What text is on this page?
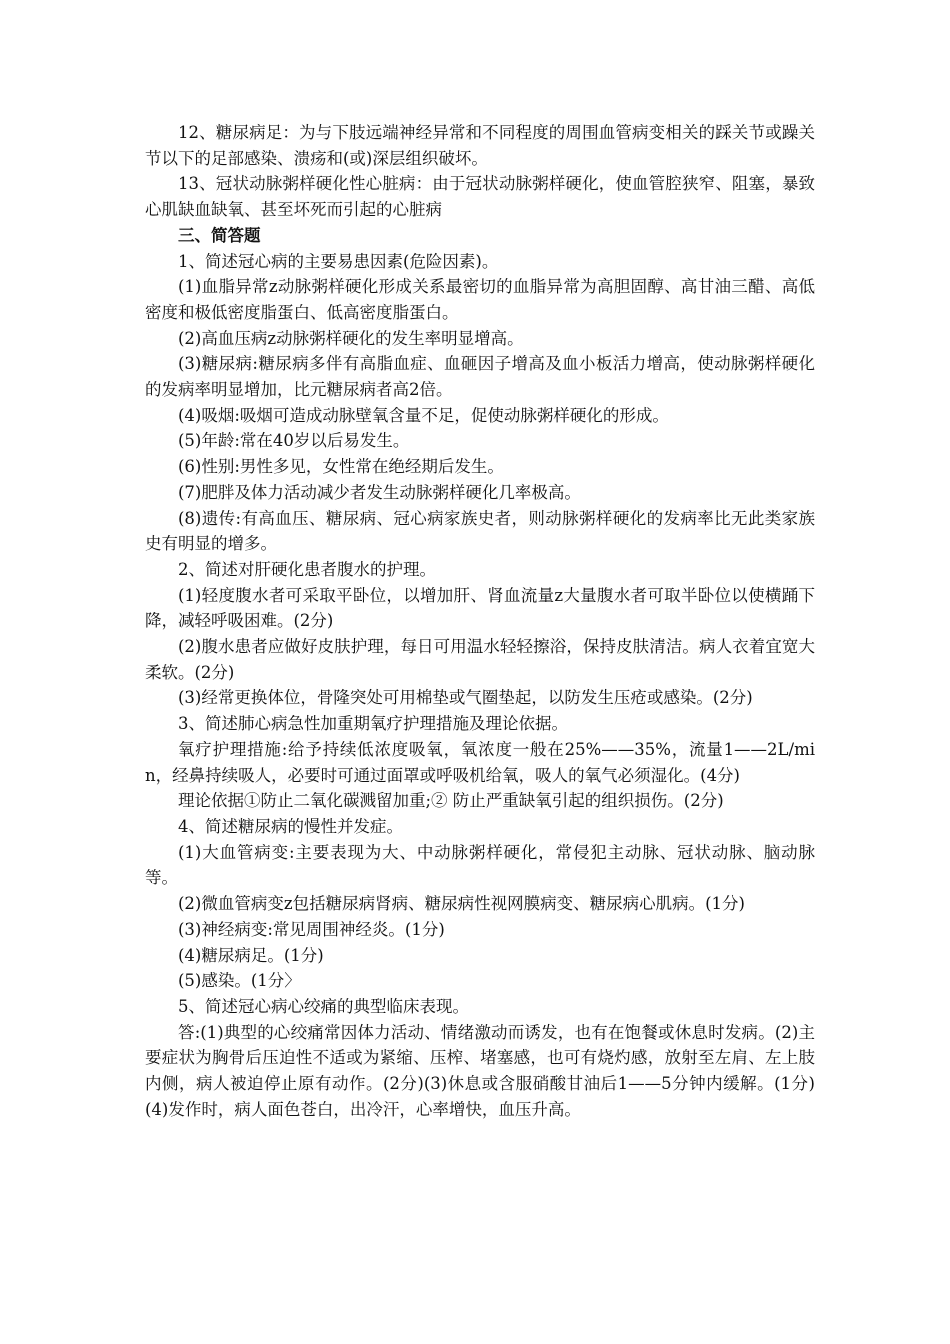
12、糖尿病足：为与下肢远端神经异常和不同程度的周围血管病变相关的踩关节或躁关节以下的足部感染、溃疡和(或)深层组织破坏。

13、冠状动脉粥样硬化性心脏病：由于冠状动脉粥样硬化，使血管腔狭窄、阻塞，暴致心肌缺血缺氧、甚至坏死而引起的心脏病

三、简答题

1、简述冠心病的主要易患因素(危险因素)。

(1)血脂异常z动脉粥样硬化形成关系最密切的血脂异常为高胆固醇、高甘油三醋、高低密度和极低密度脂蛋白、低高密度脂蛋白。

(2)高血压病z动脉粥样硬化的发生率明显增高。

(3)糖尿病:糖尿病多伴有高脂血症、血砸因子增高及血小板活力增高，使动脉粥样硬化的发病率明显增加，比元糖尿病者高2倍。

(4)吸烟:吸烟可造成动脉壁氧含量不足，促使动脉粥样硬化的形成。

(5)年龄:常在40岁以后易发生。

(6)性别:男性多见，女性常在绝经期后发生。

(7)肥胖及体力活动减少者发生动脉粥样硬化几率极高。

(8)遗传:有高血压、糖尿病、冠心病家族史者，则动脉粥样硬化的发病率比无此类家族史有明显的增多。

2、简述对肝硬化患者腹水的护理。

(1)轻度腹水者可采取平卧位，以增加肝、肾血流量z大量腹水者可取半卧位以使横踊下降，减轻呼吸困难。(2分)

(2)腹水患者应做好皮肤护理，每日可用温水轻轻擦浴，保持皮肤清洁。病人衣着宜宽大柔软。(2分)

(3)经常更换体位，骨隆突处可用棉垫或气圈垫起，以防发生压疮或感染。(2分)

3、简述肺心病急性加重期氧疗护理措施及理论依据。

氧疗护理措施:给予持续低浓度吸氧，氧浓度一般在25%——35%，流量1——2L/min，经鼻持续吸人，必要时可通过面罩或呼吸机给氧，吸人的氧气必须湿化。(4分)

理论依据①防止二氧化碳溅留加重;② 防止严重缺氧引起的组织损伤。(2分)

4、简述糖尿病的慢性并发症。

(1)大血管病变:主要表现为大、中动脉粥样硬化，常侵犯主动脉、冠状动脉、脑动脉等。

(2)微血管病变z包括糖尿病肾病、糖尿病性视网膜病变、糖尿病心肌病。(1分)

(3)神经病变:常见周围神经炎。(1分)

(4)糖尿病足。(1分)

(5)感染。(1分〉

5、简述冠心病心绞痛的典型临床表现。

答:(1)典型的心绞痛常因体力活动、情绪激动而诱发，也有在饱餐或休息时发病。(2)主要症状为胸骨后压迫性不适或为紧缩、压榨、堵塞感，也可有烧灼感，放射至左肩、左上肢内侧，病人被迫停止原有动作。(2分)(3)休息或含服硝酸甘油后1——5分钟内缓解。(1分)(4)发作时，病人面色苍白，出冷汗，心率增快，血压升高。
